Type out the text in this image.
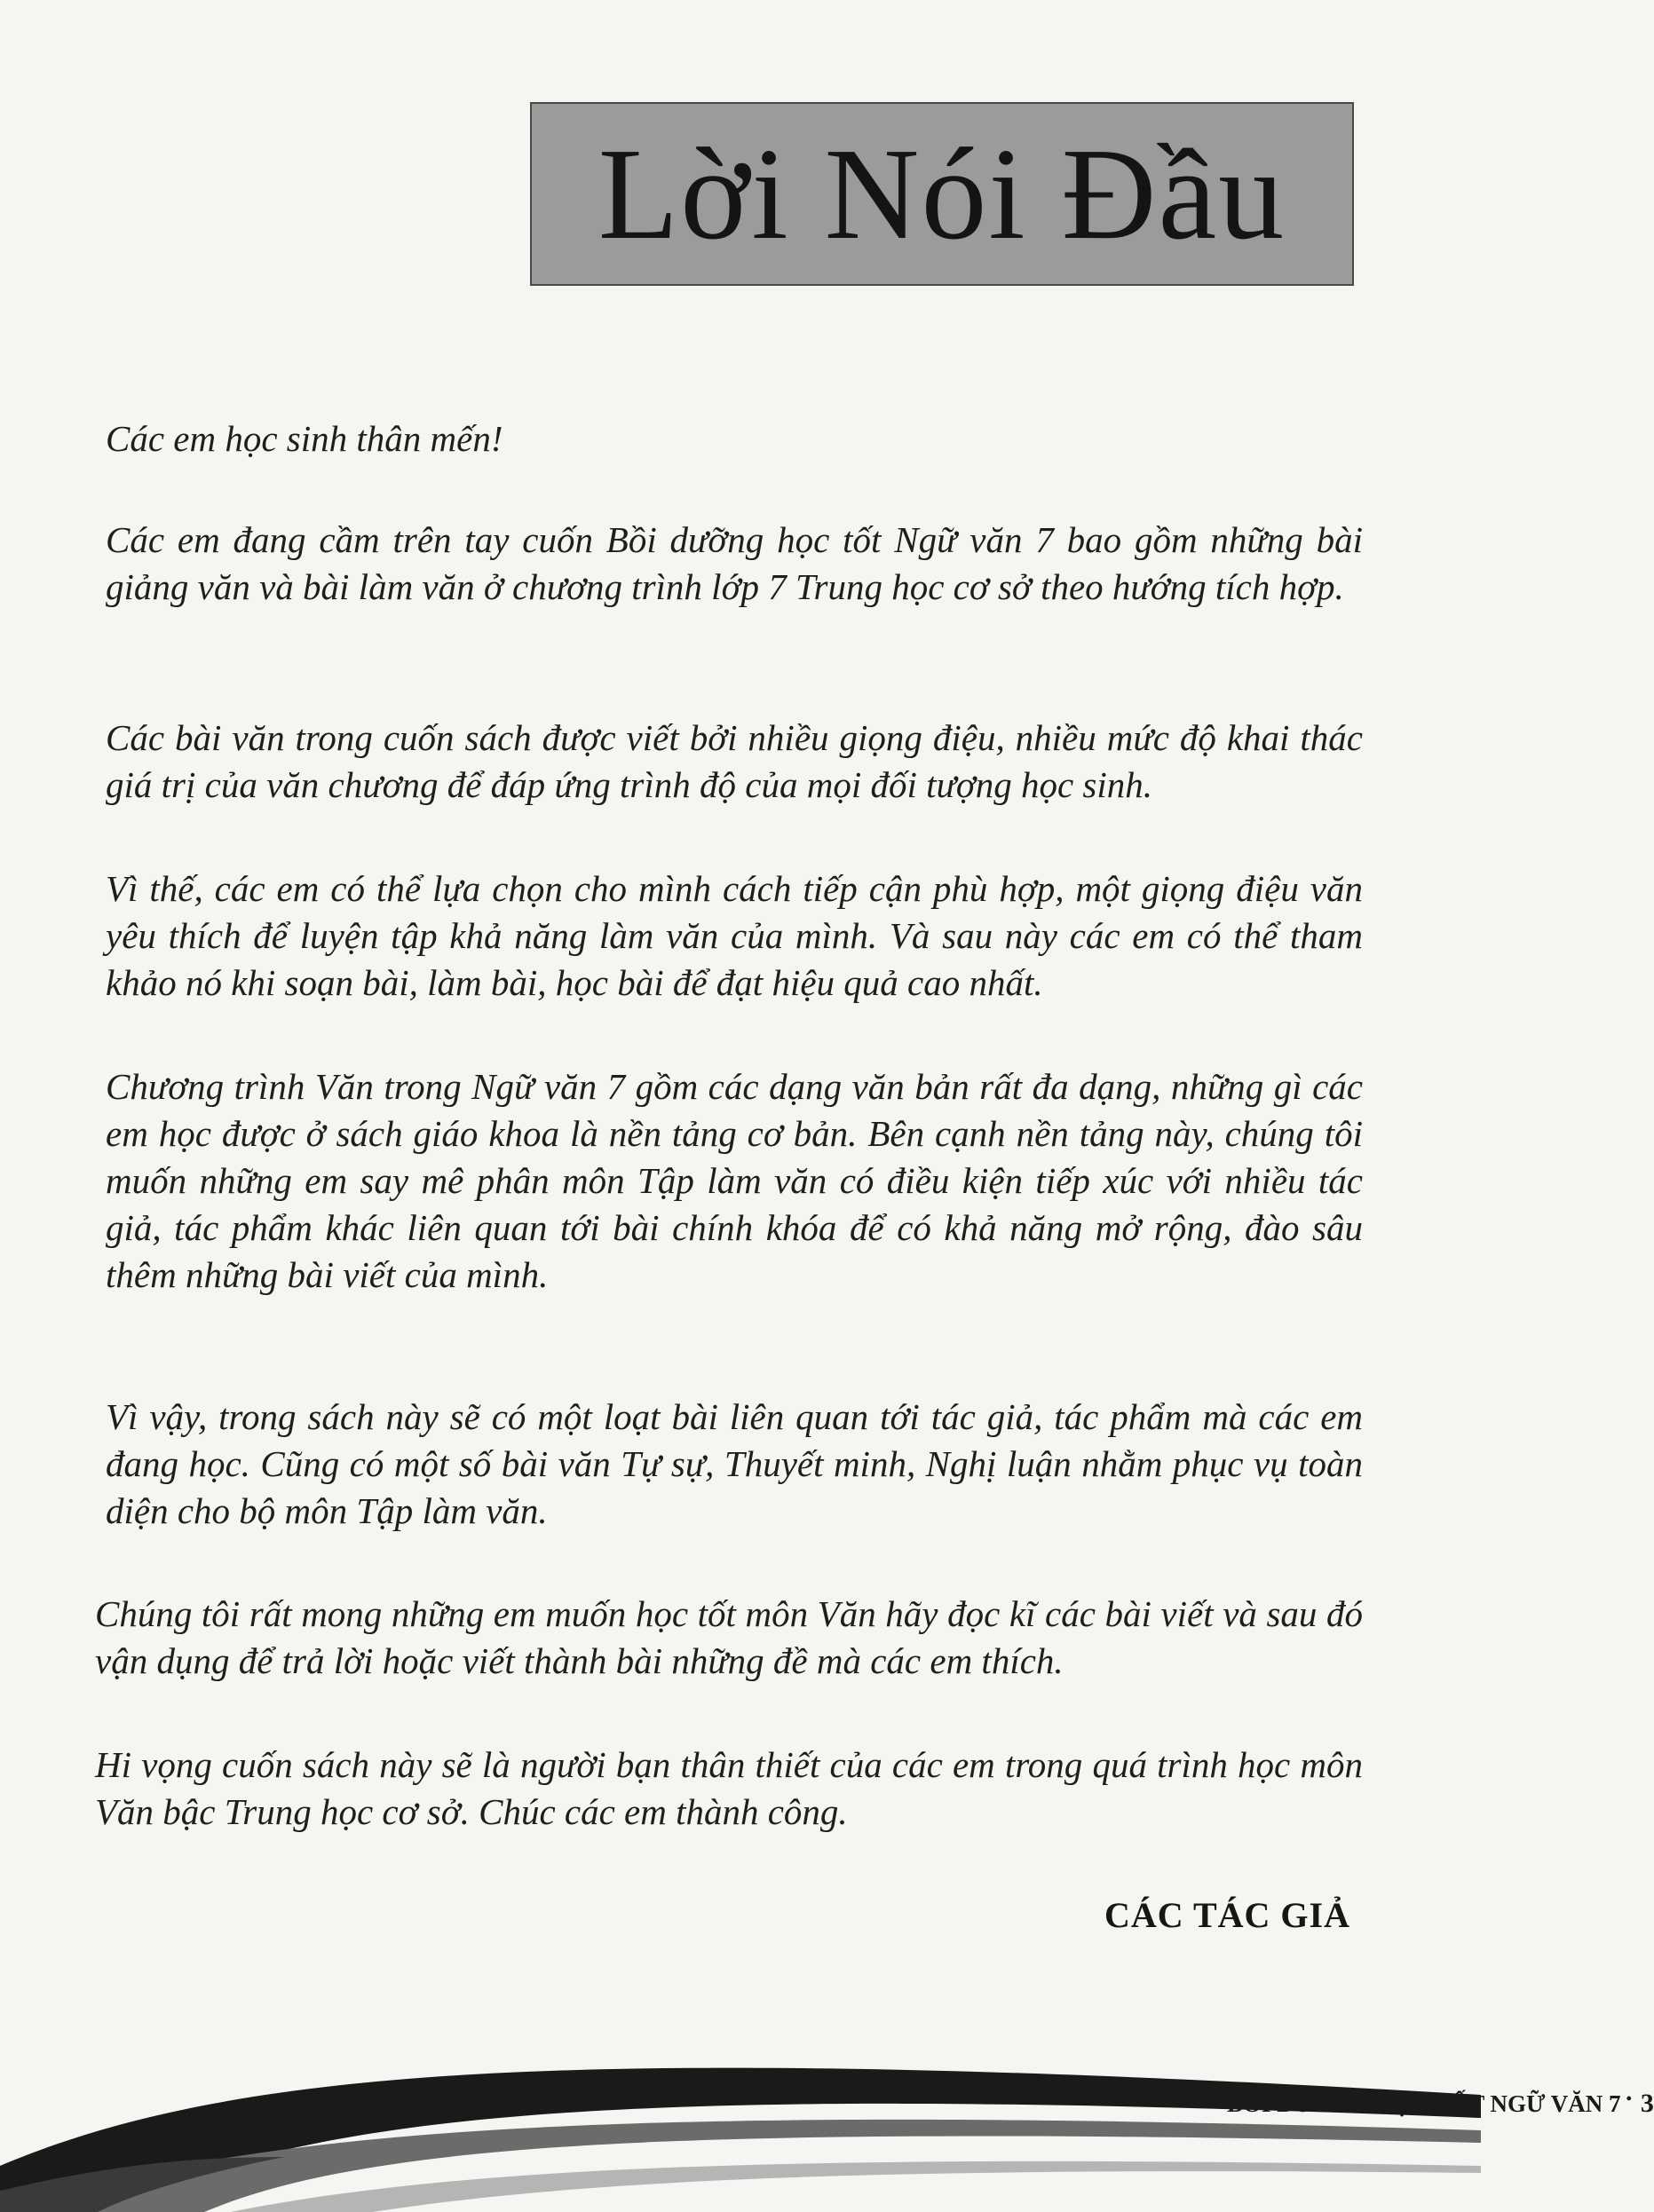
Lời Nói Đầu

Các em học sinh thân mến!

Các em đang cầm trên tay cuốn Bồi dưỡng học tốt Ngữ văn 7 bao gồm những bài giảng văn và bài làm văn ở chương trình lớp 7 Trung học cơ sở theo hướng tích hợp.

Các bài văn trong cuốn sách được viết bởi nhiều giọng điệu, nhiều mức độ khai thác giá trị của văn chương để đáp ứng trình độ của mọi đối tượng học sinh.

Vì thế, các em có thể lựa chọn cho mình cách tiếp cận phù hợp, một giọng điệu văn yêu thích để luyện tập khả năng làm văn của mình. Và sau này các em có thể tham khảo nó khi soạn bài, làm bài, học bài để đạt hiệu quả cao nhất.

Chương trình Văn trong Ngữ văn 7 gồm các dạng văn bản rất đa dạng, những gì các em học được ở sách giáo khoa là nền tảng cơ bản. Bên cạnh nền tảng này, chúng tôi muốn những em say mê phân môn Tập làm văn có điều kiện tiếp xúc với nhiều tác giả, tác phẩm khác liên quan tới bài chính khóa để có khả năng mở rộng, đào sâu thêm những bài viết của mình.

Vì vậy, trong sách này sẽ có một loạt bài liên quan tới tác giả, tác phẩm mà các em đang học. Cũng có một số bài văn Tự sự, Thuyết minh, Nghị luận nhằm phục vụ toàn diện cho bộ môn Tập làm văn.

Chúng tôi rất mong những em muốn học tốt môn Văn hãy đọc kĩ các bài viết và sau đó vận dụng để trả lời hoặc viết thành bài những đề mà các em thích.

Hi vọng cuốn sách này sẽ là người bạn thân thiết của các em trong quá trình học môn Văn bậc Trung học cơ sở. Chúc các em thành công.

CÁC TÁC GIẢ
BỒI DƯỠNG HỌC TỐT NGỮ VĂN 7 • 3
